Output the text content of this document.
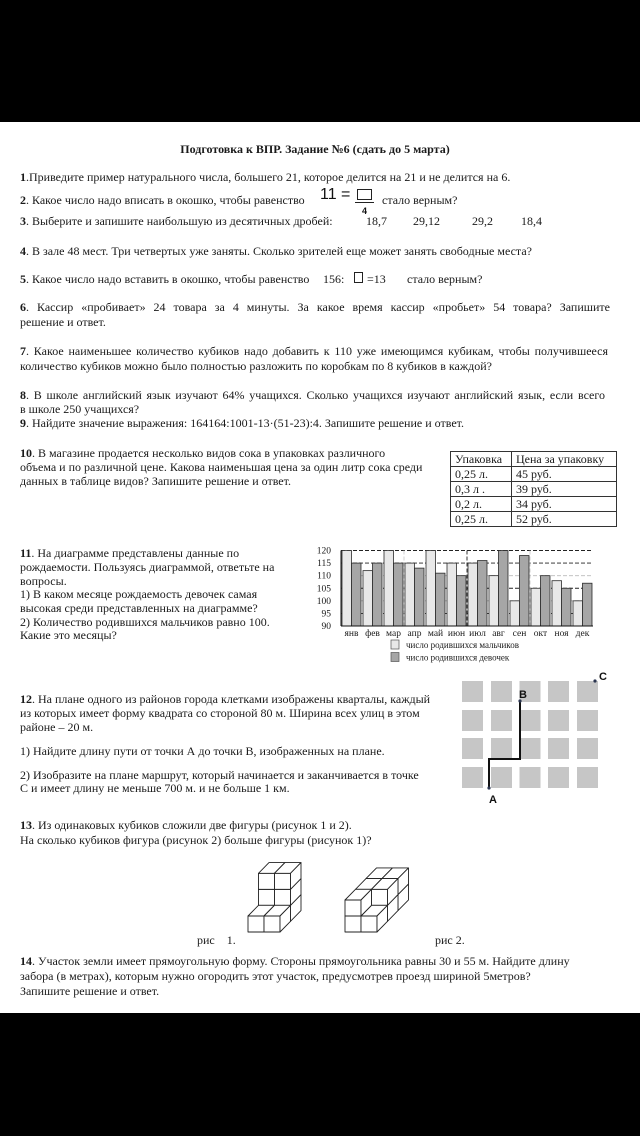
Подготовка к ВПР. Задание №6 (сдать до 5 марта)
1.Приведите пример натурального числа, большего 21, которое делится на 21 и не делится на 6.
2. Какое число надо вписать в окошко, чтобы равенство 11 =
4
стало верным?
3. Выберите и запишите наибольшую из десятичных дробей:	18,7 29,12	29,2 18,4
4. В зале 48 мест. Три четвертых уже заняты. Сколько зрителей еще может занять свободные места?
5. Какое число надо вставить в окошко, чтобы равенство 156: =13 стало верным?
6. Кассир «пробивает» 24 товара за 4 минуты. За какое время кассир «пробьет» 54 товара? Запишите
решение и ответ.
7. Какое наименьшее количество кубиков надо добавить к 110 уже имеющимся кубикам, чтобы получившееся
количество кубиков можно было полностью разложить по коробкам по 8 кубиков в каждой?
8. В школе английский язык изучают 64% учащихся. Сколько учащихся изучают английский язык, если всего
в школе 250 учащихся?
9. Найдите значение выражения: 164164:1001-13·(51-23):4. Запишите решение и ответ.
10. В магазине продается несколько видов сока в упаковках различного
объема и по различной цене. Какова наименьшая цена за один литр сока среди
данных в таблице видов? Запишите решение и ответ.
Упаковка	Цена за упаковку
0,25 л.	45 руб.
0,3 л .	39 руб.
0,2 л.	34 руб.
0,25 л.	52 руб.
11. На диаграмме представлены данные по
рождаемости. Пользуясь диаграммой, ответьте на
вопросы.
1) В каком месяце рождаемость девочек самая
высокая среди представленных на диаграмме?
2) Количество родившихся мальчиков равно 100.
Какие это месяцы?
90
95
100
105
110
115
120
янв фев мар апр май июн июл авг сен окт ноя дек
число родившихся мальчиков
число родившихся девочек
12. На плане одного из районов города клетками изображены кварталы, каждый
из которых имеет форму квадрата со стороной 80 м. Ширина всех улиц в этом
районе – 20 м.
1) Найдите длину пути от точки А до точки В, изображенных на плане.
2) Изобразите на плане маршрут, который начинается и заканчивается в точке
С и имеет длину не меньше 700 м. и не больше 1 км.
A
B
C
13. Из одинаковых кубиков сложили две фигуры (рисунок 1 и 2).
На сколько кубиков фигура (рисунок 2) больше фигуры (рисунок 1)?
рис    1.	рис 2.
14. Участок земли имеет прямоугольную форму. Стороны прямоугольника равны 30 и 55 м. Найдите длину
забора (в метрах), которым нужно огородить этот участок, предусмотрев проезд шириной 5метров?
Запишите решение и ответ.
